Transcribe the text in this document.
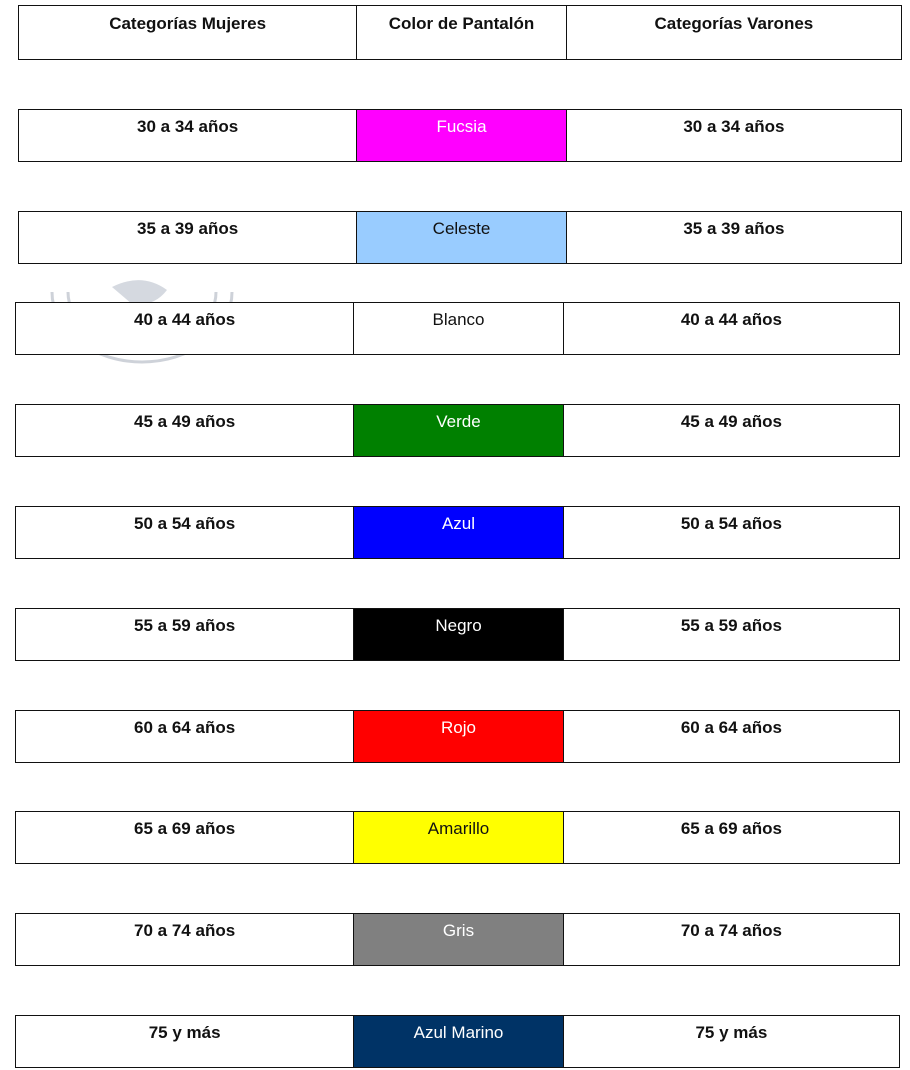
Categorías Mujeres	Color de Pantalón	Categorías Varones
30 a 34 años	Fucsia	30 a 34 años
35 a 39 años	Celeste	35 a 39 años
40 a 44 años	Blanco	40 a 44 años
45 a 49 años	Verde	45 a 49 años
50 a 54 años	Azul	50 a 54 años
55 a 59 años	Negro	55 a 59 años
60 a 64 años	Rojo	60 a 64 años
65 a 69 años	Amarillo	65 a 69 años
70 a 74 años	Gris	70 a 74 años
75 y más	Azul Marino	75 y más
